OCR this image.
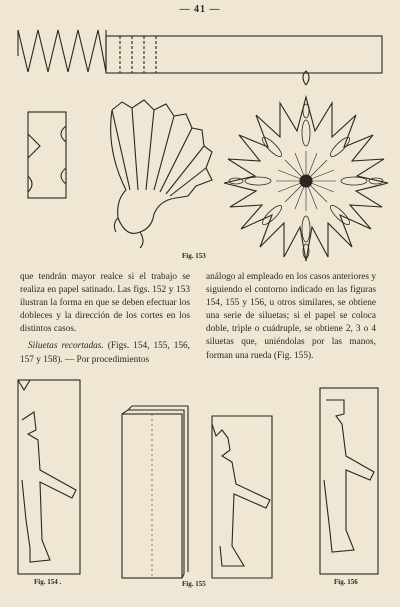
— 41 —
Fig. 153

que tendrán mayor realce si el trabajo se realiza en papel satinado. Las figs. 152 y 153 ilustran la forma en que se deben efectuar los dobleces y la dirección de los cortes en los distintos casos.

Siluetas recortadas. (Figs. 154, 155, 156, 157 y 158). — Por procedimientos

análogo al empleado en los casos anteriores y siguiendo el contorno indicado en las figuras 154, 155 y 156, u otros similares, se obtiene una serie de siluetas; si el papel se coloca doble, triple o cuádruple, se obtiene 2, 3 o 4 siluetas que, uniéndolas por las manos, forman una rueda (Fig. 155).

Fig. 154 .	Fig. 155	Fig. 156
